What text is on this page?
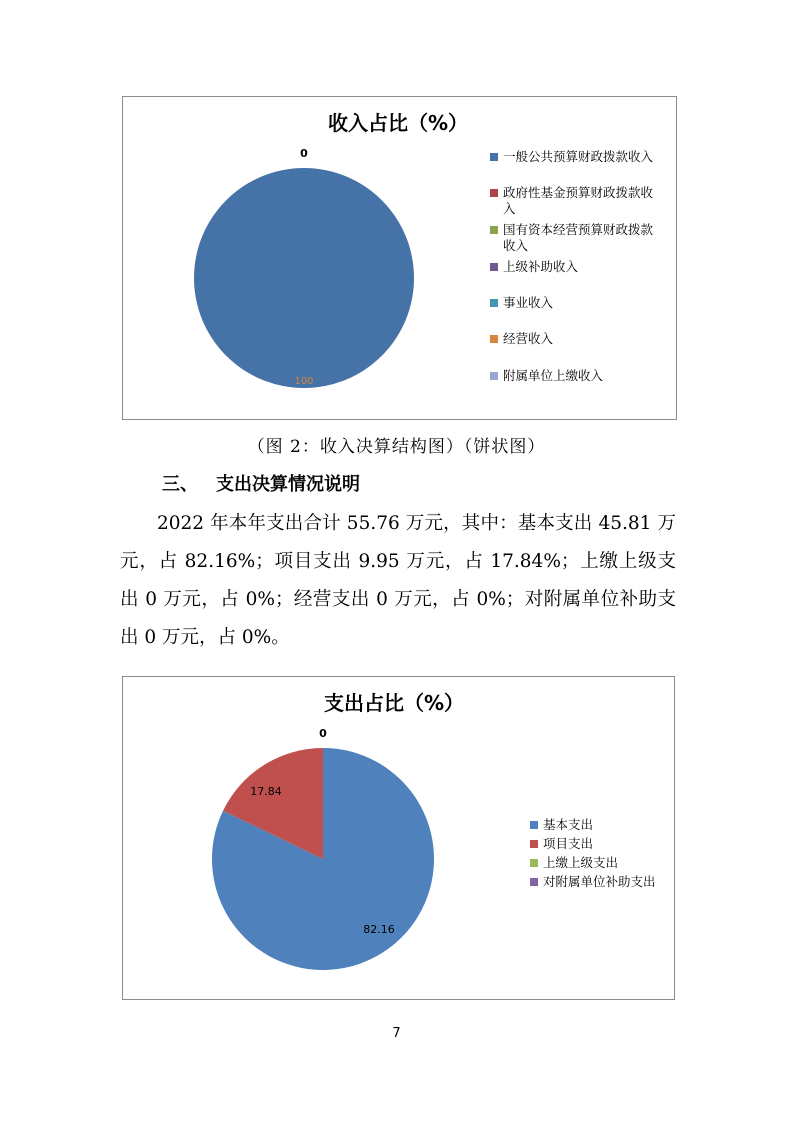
收入占比（%）
100
0	一般公共预算财政拨款收入
政府性基金预算财政拨款收入
国有资本经营预算财政拨款收入
上级补助收入
事业收入
经营收入
附属单位上缴收入
（图 2：收入决算结构图）（饼状图）
三、 支出决算情况说明
2022 年本年支出合计 55.76 万元，其中：基本支出 45.81 万元，占 82.16%；项目支出 9.95 万元，占 17.84%；上缴上级支出 0 万元，占 0%；经营支出 0 万元，占 0%；对附属单位补助支出 0 万元，占 0%。
支出占比（%）
82.16
17.84
0
基本支出
项目支出
上缴上级支出
对附属单位补助支出
7
